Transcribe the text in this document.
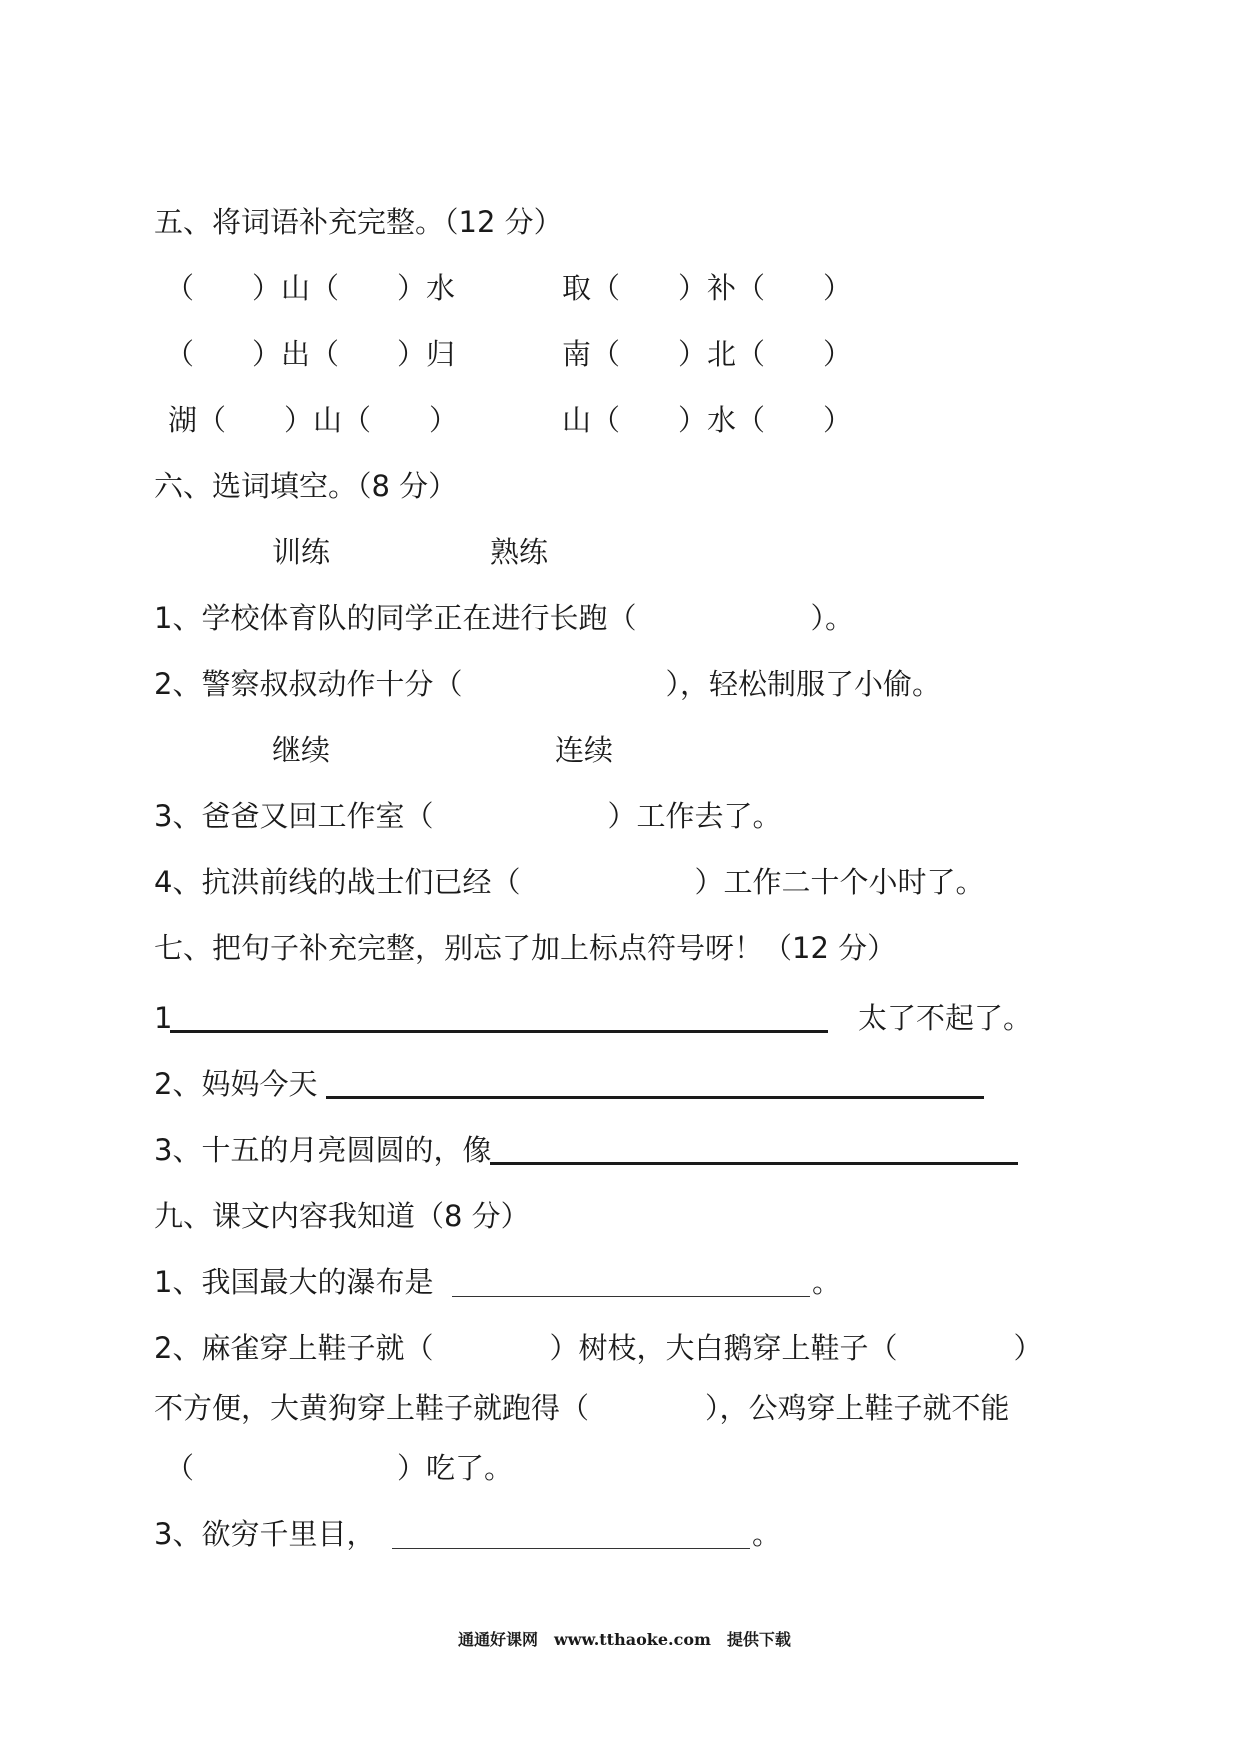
五、将词语补充完整。（12 分）
（　　）山（　　）水	取（　　）补（　　）
（　　）出（　　）归	南（　　）北（　　）
湖（　　）山（　　）	山（　　）水（　　）
六、选词填空。（8 分）
训练	熟练
1、学校体育队的同学正在进行长跑（　　　　　　）。
2、警察叔叔动作十分（　　　　　　　），轻松制服了小偷。
继续	连续
3、爸爸又回工作室（　　　　　　）工作去了。
4、抗洪前线的战士们已经（　　　　　　）工作二十个小时了。
七、把句子补充完整，别忘了加上标点符号呀！（12 分）
1	太了不起了。
2、妈妈今天
3、十五的月亮圆圆的，像
九、课文内容我知道（8 分）
1、我国最大的瀑布是	。
2、麻雀穿上鞋子就（　　　　）树枝，大白鹅穿上鞋子（　　　　）
不方便，大黄狗穿上鞋子就跑得（　　　　），公鸡穿上鞋子就不能
（　　　　　　　）吃了。
3、欲穷千里目，	。
通通好课网　www.tthaoke.com　提供下载
